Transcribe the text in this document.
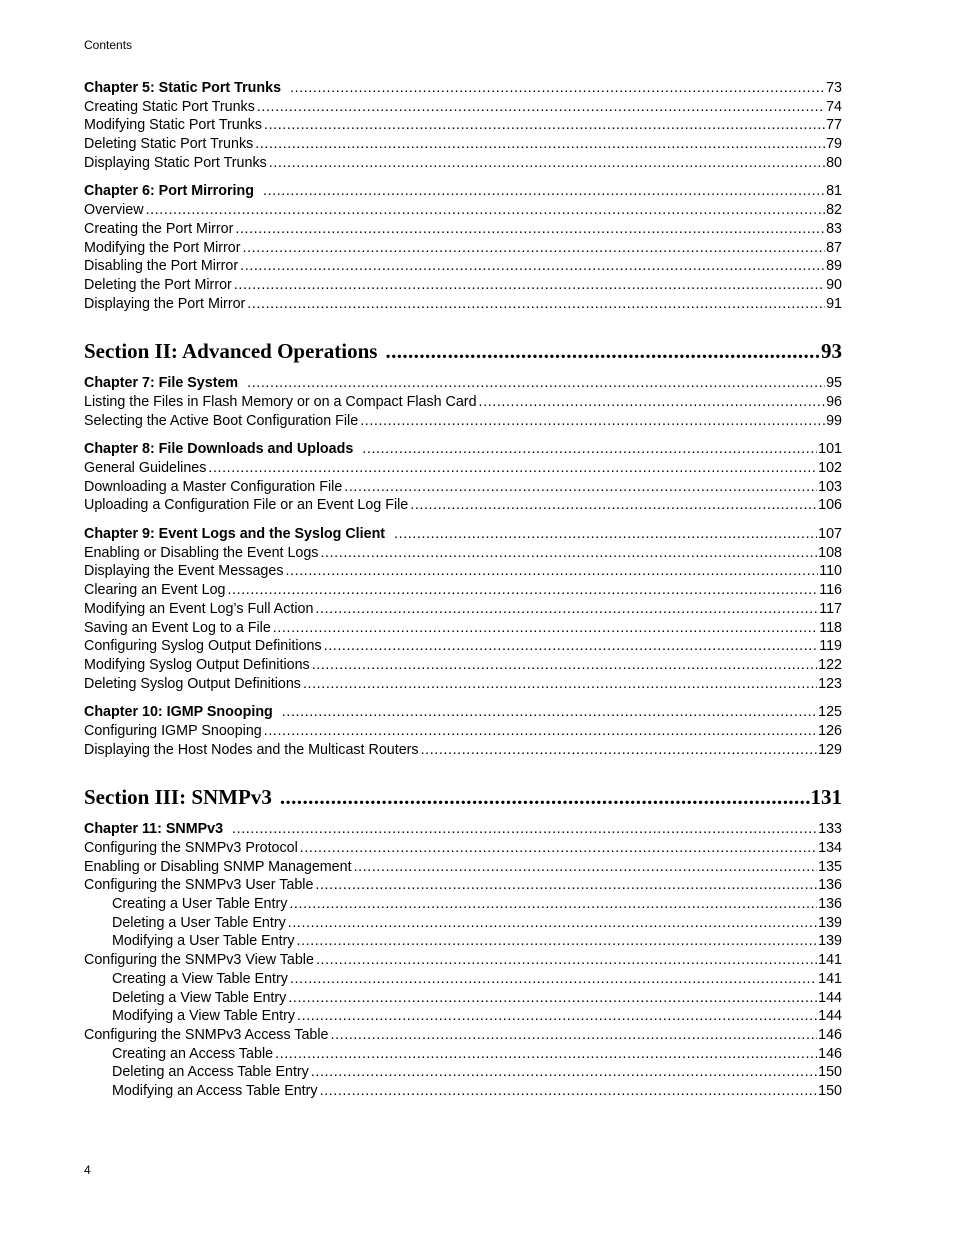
Contents
Chapter 5: Static Port Trunks .....	73
Creating Static Port Trunks .....	74
Modifying Static Port Trunks .....	77
Deleting Static Port Trunks .....	79
Displaying Static Port Trunks .....	80
Chapter 6: Port Mirroring .....	81
Overview .....	82
Creating the Port Mirror .....	83
Modifying the Port Mirror .....	87
Disabling the Port Mirror .....	89
Deleting the Port Mirror .....	90
Displaying the Port Mirror .....	91
Section II: Advanced Operations .....	93
Chapter 7: File System .....	95
Listing the Files in Flash Memory or on a Compact Flash Card .....	96
Selecting the Active Boot Configuration File .....	99
Chapter 8: File Downloads and Uploads .....	101
General Guidelines .....	102
Downloading a Master Configuration File .....	103
Uploading a Configuration File or an Event Log File .....	106
Chapter 9: Event Logs and the Syslog Client .....	107
Enabling or Disabling the Event Logs .....	108
Displaying the Event Messages .....	110
Clearing an Event Log .....	116
Modifying an Event Log’s Full Action .....	117
Saving an Event Log to a File .....	118
Configuring Syslog Output Definitions .....	119
Modifying Syslog Output Definitions .....	122
Deleting Syslog Output Definitions .....	123
Chapter 10: IGMP Snooping .....	125
Configuring IGMP Snooping .....	126
Displaying the Host Nodes and the Multicast Routers .....	129
Section III: SNMPv3 .....	131
Chapter 11: SNMPv3 .....	133
Configuring the SNMPv3 Protocol .....	134
Enabling or Disabling SNMP Management .....	135
Configuring the SNMPv3 User Table .....	136
Creating a User Table Entry .....	136
Deleting a User Table Entry .....	139
Modifying a User Table Entry .....	139
Configuring the SNMPv3 View Table .....	141
Creating a View Table Entry .....	141
Deleting a View Table Entry .....	144
Modifying a View Table Entry .....	144
Configuring the SNMPv3 Access Table .....	146
Creating an Access Table .....	146
Deleting an Access Table Entry .....	150
Modifying an Access Table Entry .....	150
4
